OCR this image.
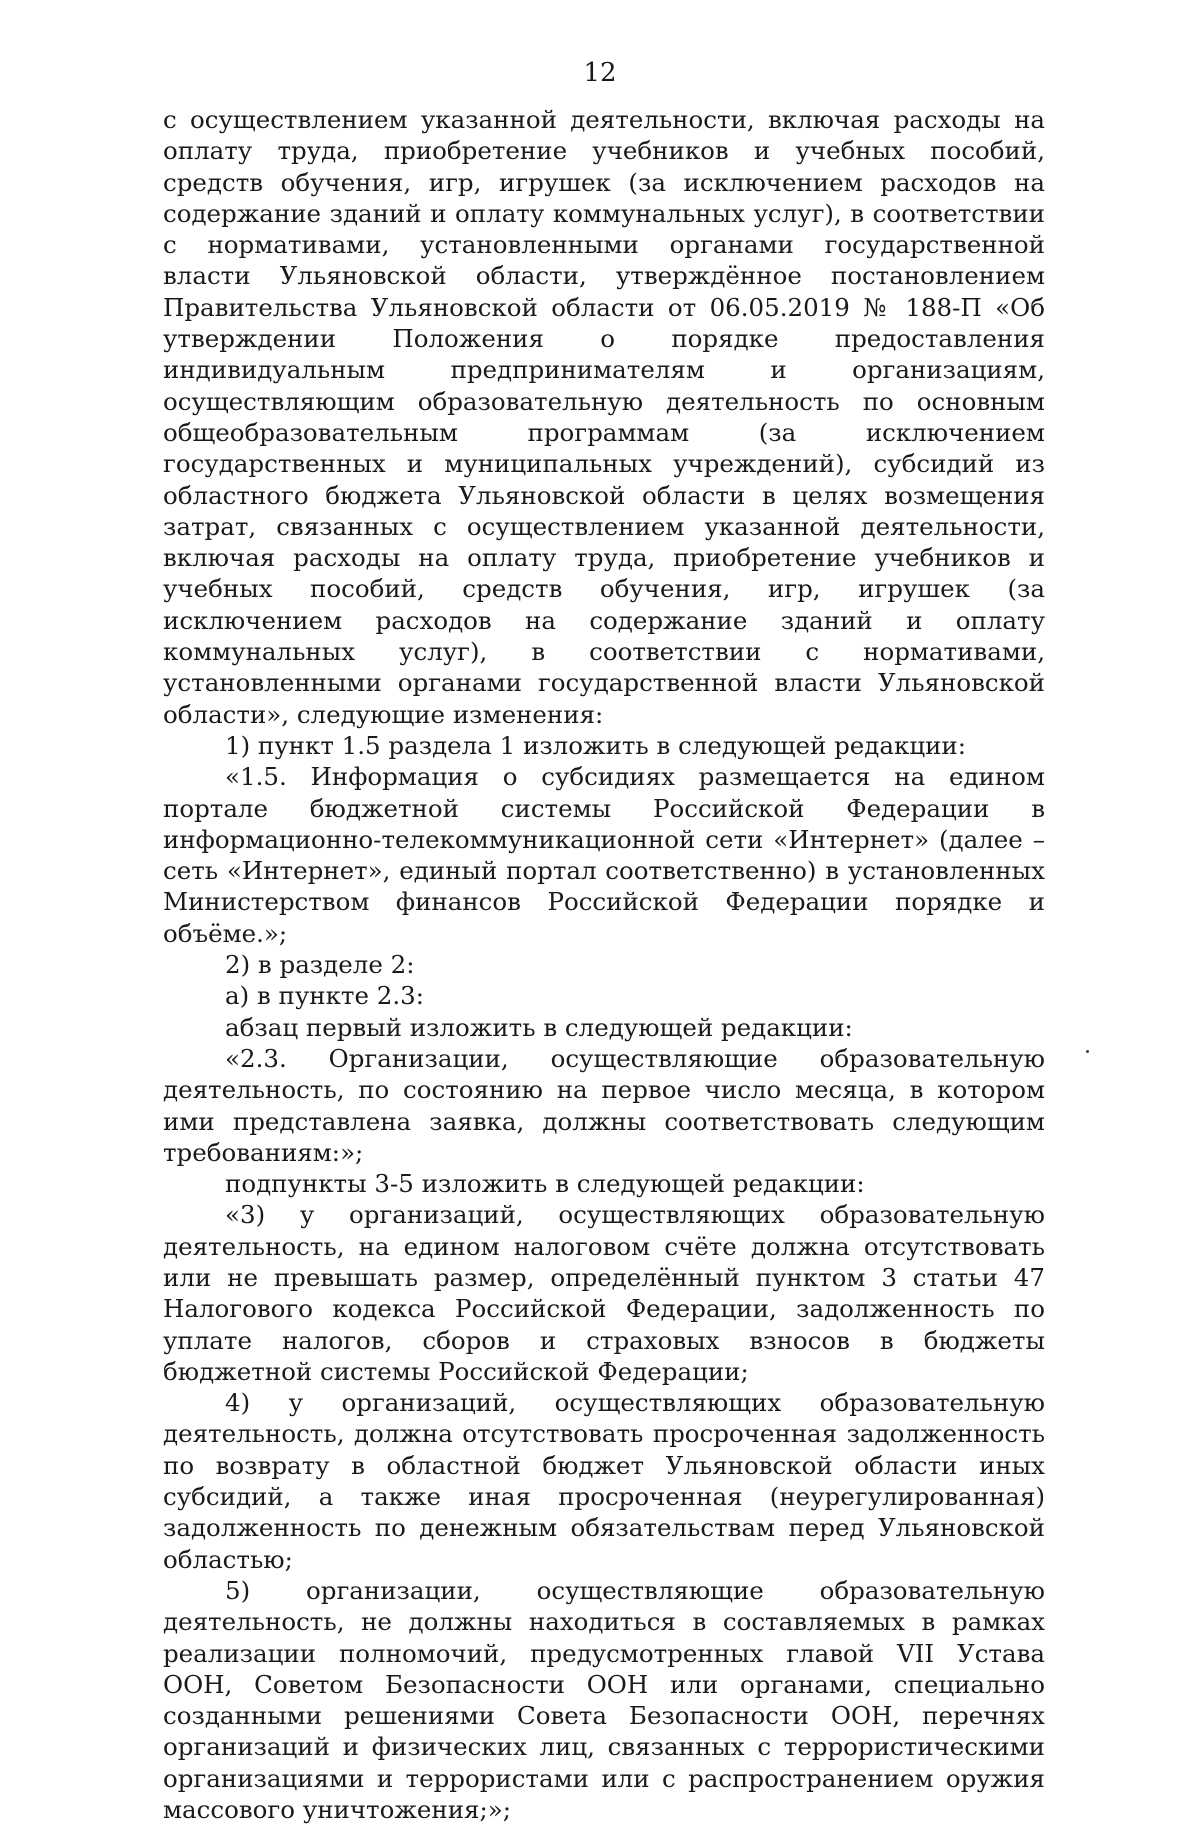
12

с осуществлением указанной деятельности, включая расходы на оплату труда, приобретение учебников и учебных пособий, средств обучения, игр, игрушек (за исключением расходов на содержание зданий и оплату коммунальных услуг), в соответствии с нормативами, установленными органами государственной власти Ульяновской области, утверждённое постановлением Правительства Ульяновской области от 06.05.2019 № 188-П «Об утверждении Положения о порядке предоставления индивидуальным предпринимателям и организациям, осуществляющим образовательную деятельность по основным общеобразовательным программам (за исключением государственных и муниципальных учреждений), субсидий из областного бюджета Ульяновской области в целях возмещения затрат, связанных с осуществлением указанной деятельности, включая расходы на оплату труда, приобретение учебников и учебных пособий, средств обучения, игр, игрушек (за исключением расходов на содержание зданий и оплату коммунальных услуг), в соответствии с нормативами, установленными органами государственной власти Ульяновской области», следующие изменения:

1) пункт 1.5 раздела 1 изложить в следующей редакции:

«1.5. Информация о субсидиях размещается на едином портале бюджетной системы Российской Федерации в информационно-телекоммуникационной сети «Интернет» (далее – сеть «Интернет», единый портал соответственно) в установленных Министерством финансов Российской Федерации порядке и объёме.»;

2) в разделе 2:

а) в пункте 2.3:

абзац первый изложить в следующей редакции:

«2.3. Организации, осуществляющие образовательную деятельность, по состоянию на первое число месяца, в котором ими представлена заявка, должны соответствовать следующим требованиям:»;

подпункты 3-5 изложить в следующей редакции:

«3) у организаций, осуществляющих образовательную деятельность, на едином налоговом счёте должна отсутствовать или не превышать размер, определённый пунктом 3 статьи 47 Налогового кодекса Российской Федерации, задолженность по уплате налогов, сборов и страховых взносов в бюджеты бюджетной системы Российской Федерации;

4) у организаций, осуществляющих образовательную деятельность, должна отсутствовать просроченная задолженность по возврату в областной бюджет Ульяновской области иных субсидий, а также иная просроченная (неурегулированная) задолженность по денежным обязательствам перед Ульяновской областью;

5) организации, осуществляющие образовательную деятельность, не должны находиться в составляемых в рамках реализации полномочий, предусмотренных главой VII Устава ООН, Советом Безопасности ООН или органами, специально созданными решениями Совета Безопасности ООН, перечнях организаций и физических лиц, связанных с террористическими организациями и террористами или с распространением оружия массового уничтожения;»;
